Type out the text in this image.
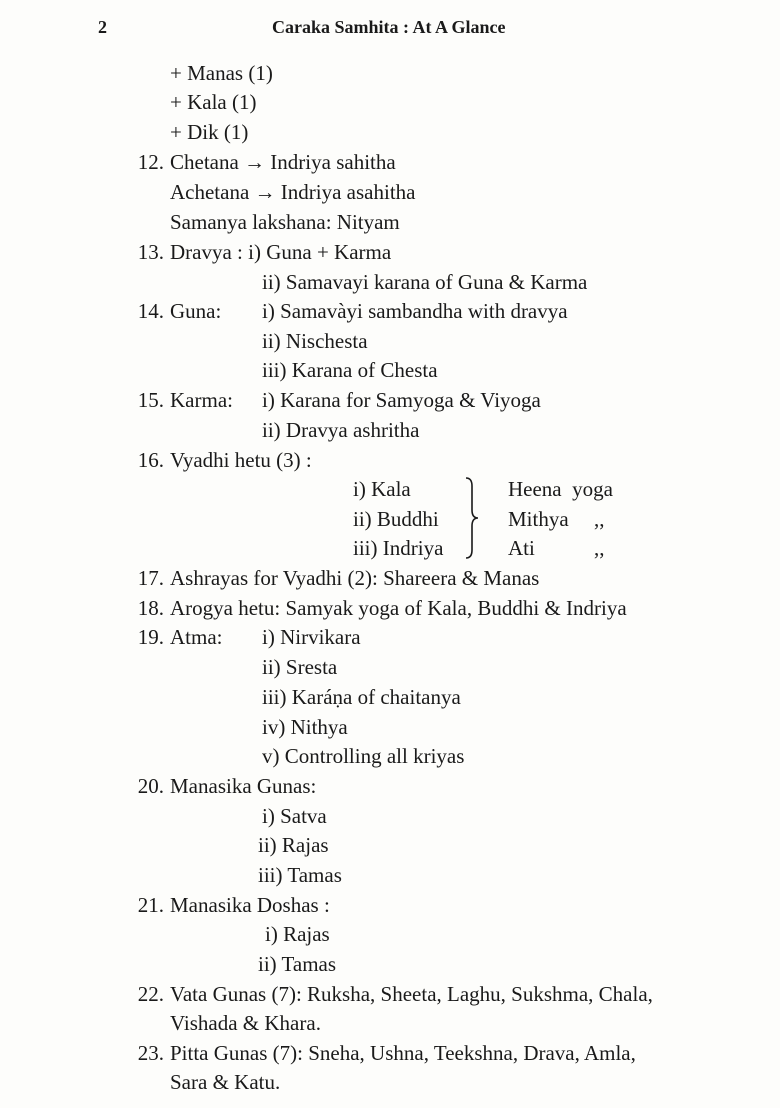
2	Caraka Samhita : At A Glance
+ Manas (1)
+ Kala (1)
+ Dik (1)
12. Chetana → Indriya sahitha
Achetana → Indriya asahitha
Samanya lakshana: Nityam
13. Dravya : i) Guna + Karma
ii) Samavayi karana of Guna & Karma
14. Guna: i) Samavàyi sambandha with dravya
ii) Nischesta
iii) Karana of Chesta
15. Karma: i) Karana for Samyoga & Viyoga
ii) Dravya ashritha
16. Vyadhi hetu (3) :
i) Kala	Heena  yoga
ii) Buddhi	Mithya ,,
iii) Indriya	Ati	,,
17. Ashrayas for Vyadhi (2): Shareera & Manas
18. Arogya hetu: Samyak yoga of Kala, Buddhi & Indriya
19. Atma: i) Nirvikara
ii) Sresta
iii) Karáṇa of chaitanya
iv) Nithya
v) Controlling all kriyas
20. Manasika Gunas:
i) Satva
ii) Rajas
iii) Tamas
21. Manasika Doshas :
i) Rajas
ii) Tamas
22. Vata Gunas (7): Ruksha, Sheeta, Laghu, Sukshma, Chala,
Vishada & Khara.
23. Pitta Gunas (7): Sneha, Ushna, Teekshna, Drava, Amla,
Sara & Katu.
